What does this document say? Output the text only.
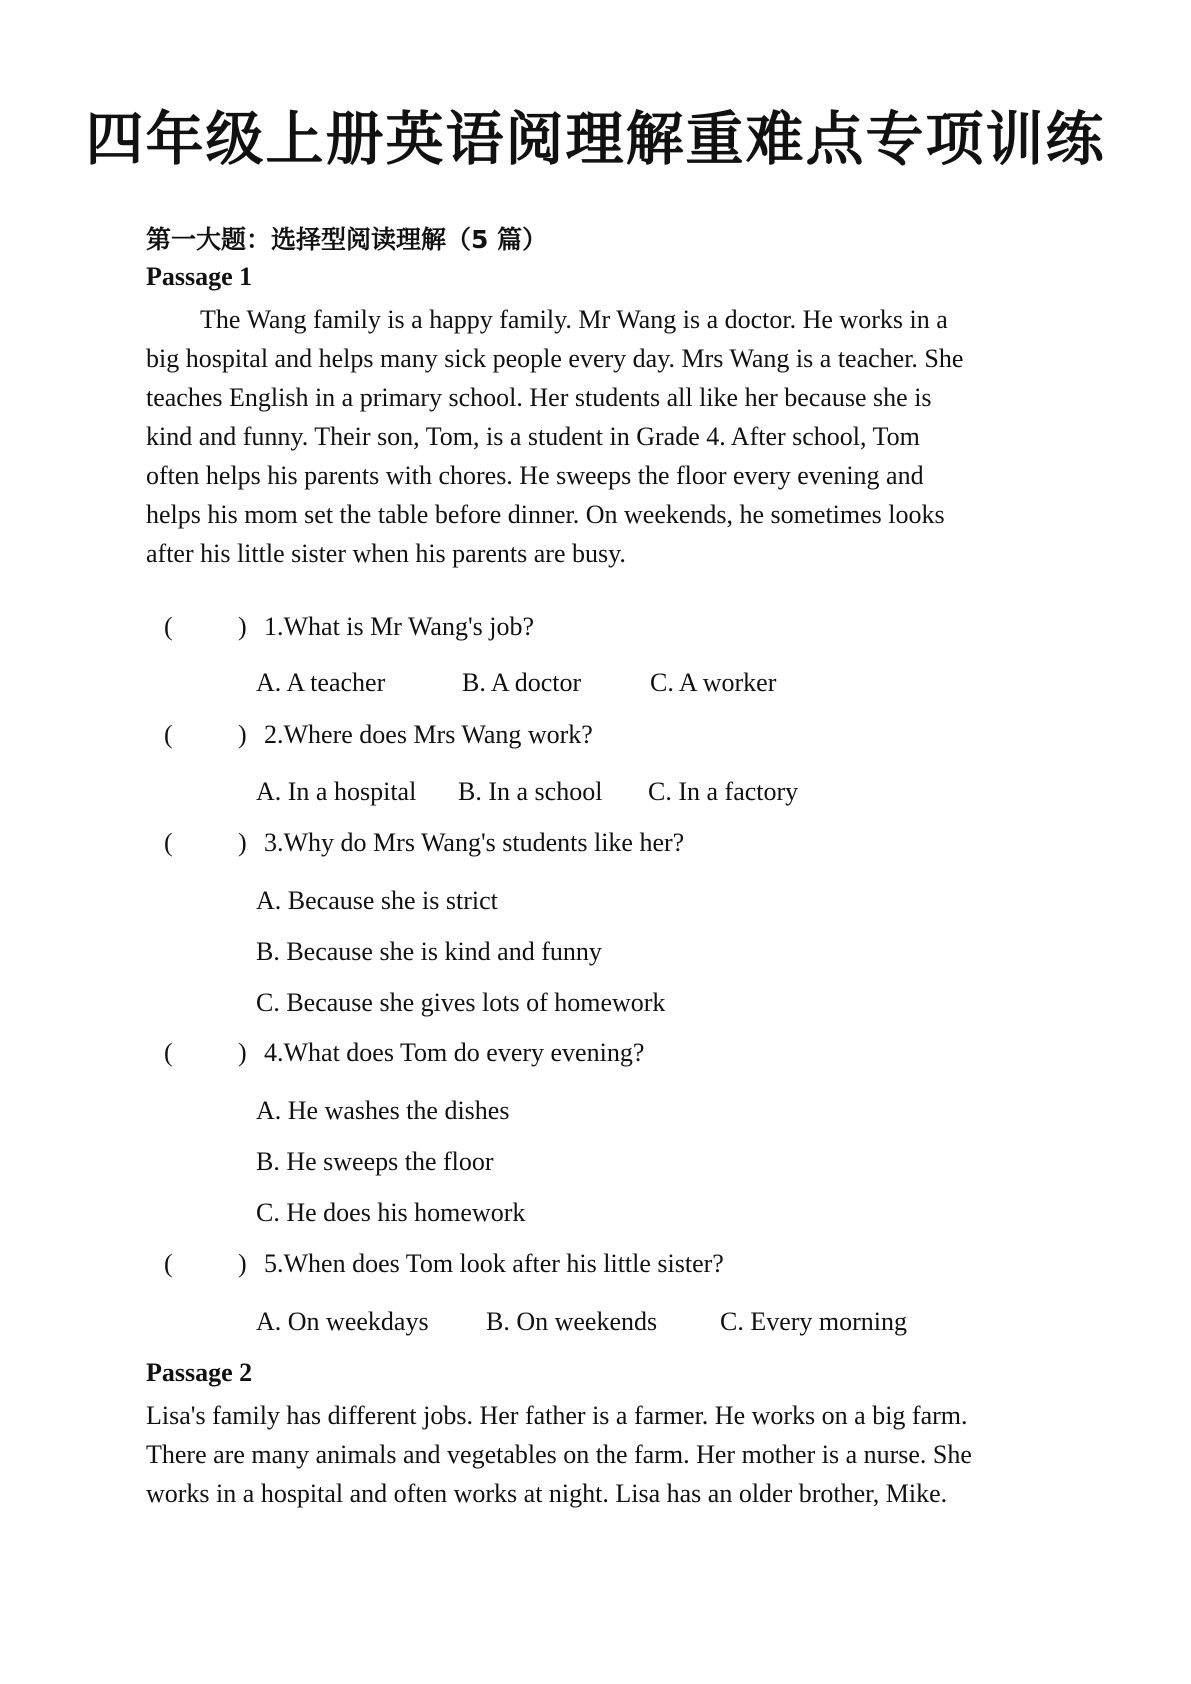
四年级上册英语阅理解重难点专项训练
第一大题：选择型阅读理解（5 篇）
Passage 1
The Wang family is a happy family. Mr Wang is a doctor. He works in a
big hospital and helps many sick people every day. Mrs Wang is a teacher. She
teaches English in a primary school. Her students all like her because she is
kind and funny. Their son, Tom, is a student in Grade 4. After school, Tom
often helps his parents with chores. He sweeps the floor every evening and
helps his mom set the table before dinner. On weekends, he sometimes looks
after his little sister when his parents are busy.
(	) 1.What is Mr Wang's job?
A. A teacher	B. A doctor	C. A worker
(	) 2.Where does Mrs Wang work?
A. In a hospital B. In a school C. In a factory
(	) 3.Why do Mrs Wang's students like her?
A. Because she is strict
B. Because she is kind and funny
C. Because she gives lots of homework
(	) 4.What does Tom do every evening?
A. He washes the dishes
B. He sweeps the floor
C. He does his homework
(	) 5.When does Tom look after his little sister?
A. On weekdays B. On weekends C. Every morning
Passage 2
Lisa's family has different jobs. Her father is a farmer. He works on a big farm.
There are many animals and vegetables on the farm. Her mother is a nurse. She
works in a hospital and often works at night. Lisa has an older brother, Mike.
